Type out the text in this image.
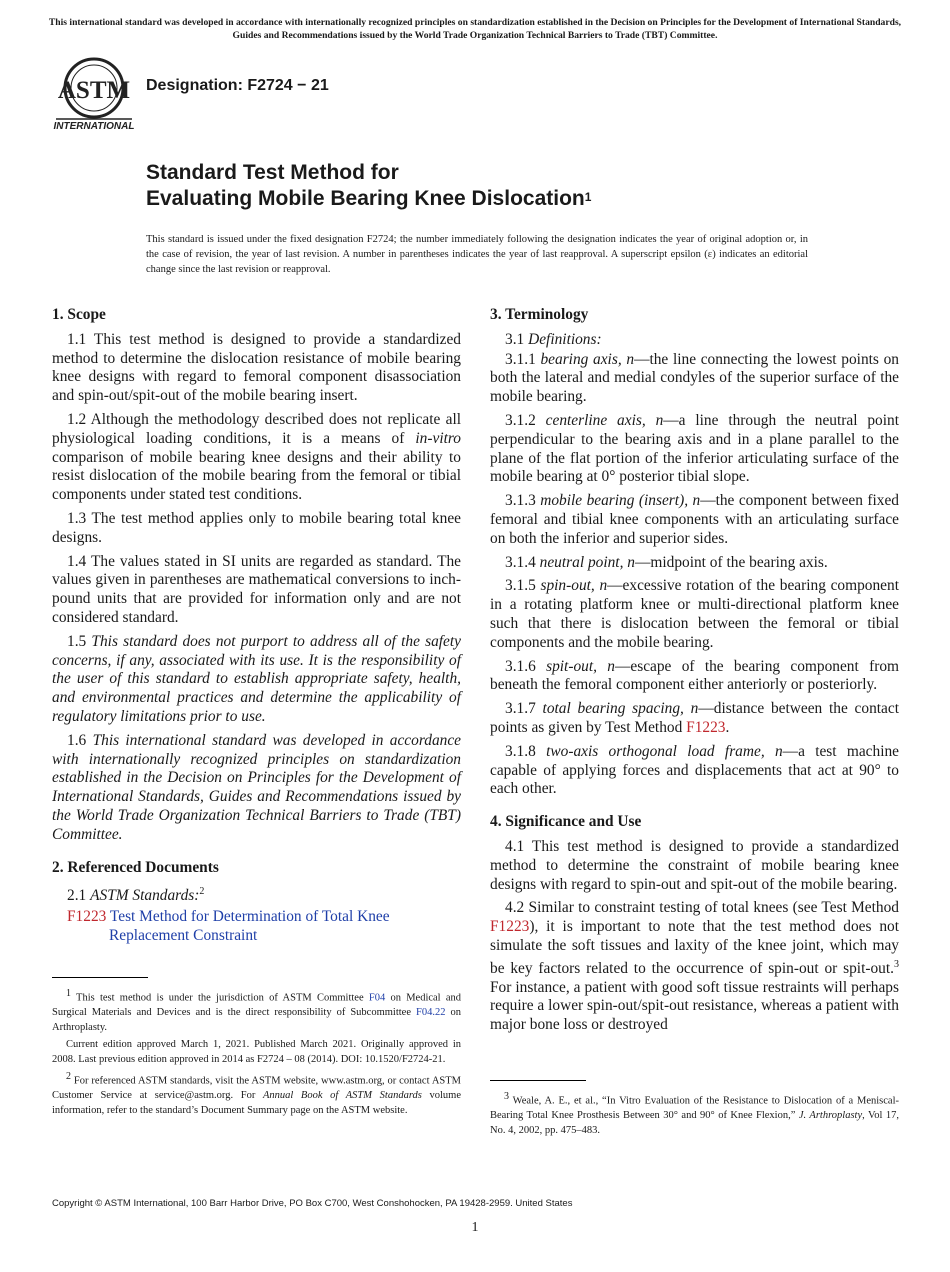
This international standard was developed in accordance with internationally recognized principles on standardization established in the Decision on Principles for the Development of International Standards, Guides and Recommendations issued by the World Trade Organization Technical Barriers to Trade (TBT) Committee.
ASTM
INTERNATIONAL
Designation: F2724 − 21
Standard Test Method for
Evaluating Mobile Bearing Knee Dislocation$^1$
This standard is issued under the fixed designation F2724; the number immediately following the designation indicates the year of original adoption or, in the case of revision, the year of last revision. A number in parentheses indicates the year of last reapproval. A superscript epsilon (ε) indicates an editorial change since the last revision or reapproval.
1. Scope

1.1 This test method is designed to provide a standardized method to determine the dislocation resistance of mobile bearing knee designs with regard to femoral component disassociation and spin-out/spit-out of the mobile bearing insert.

1.2 Although the methodology described does not replicate all physiological loading conditions, it is a means of in-vitro comparison of mobile bearing knee designs and their ability to resist dislocation of the mobile bearing from the femoral or tibial components under stated test conditions.

1.3 The test method applies only to mobile bearing total knee designs.

1.4 The values stated in SI units are regarded as standard. The values given in parentheses are mathematical conversions to inch-pound units that are provided for information only and are not considered standard.

1.5 This standard does not purport to address all of the safety concerns, if any, associated with its use. It is the responsibility of the user of this standard to establish appropriate safety, health, and environmental practices and determine the applicability of regulatory limitations prior to use.

1.6 This international standard was developed in accordance with internationally recognized principles on standardization established in the Decision on Principles for the Development of International Standards, Guides and Recommendations issued by the World Trade Organization Technical Barriers to Trade (TBT) Committee.

2. Referenced Documents

2.1 ASTM Standards:$^2$

F1223 Test Method for Determination of Total Knee Replacement Constraint

3. Terminology

3.1 Definitions:

3.1.1 bearing axis, n—the line connecting the lowest points on both the lateral and medial condyles of the superior surface of the mobile bearing.

3.1.2 centerline axis, n—a line through the neutral point perpendicular to the bearing axis and in a plane parallel to the plane of the flat portion of the inferior articulating surface of the mobile bearing at 0° posterior tibial slope.

3.1.3 mobile bearing (insert), n—the component between fixed femoral and tibial knee components with an articulating surface on both the inferior and superior sides.

3.1.4 neutral point, n—midpoint of the bearing axis.

3.1.5 spin-out, n—excessive rotation of the bearing component in a rotating platform knee or multi-directional platform knee such that there is dislocation between the femoral or tibial components and the mobile bearing.

3.1.6 spit-out, n—escape of the bearing component from beneath the femoral component either anteriorly or posteriorly.

3.1.7 total bearing spacing, n—distance between the contact points as given by Test Method F1223.

3.1.8 two-axis orthogonal load frame, n—a test machine capable of applying forces and displacements that act at 90° to each other.

4. Significance and Use

4.1 This test method is designed to provide a standardized method to determine the constraint of mobile bearing knee designs with regard to spin-out and spit-out of the mobile bearing.

4.2 Similar to constraint testing of total knees (see Test Method F1223), it is important to note that the test method does not simulate the soft tissues and laxity of the knee joint, which may be key factors related to the occurrence of spin-out or spit-out.$^3$ For instance, a patient with good soft tissue restraints will perhaps require a lower spin-out/spit-out resistance, whereas a patient with major bone loss or destroyed

$^1$ This test method is under the jurisdiction of ASTM Committee F04 on Medical and Surgical Materials and Devices and is the direct responsibility of Subcommittee F04.22 on Arthroplasty.

Current edition approved March 1, 2021. Published March 2021. Originally approved in 2008. Last previous edition approved in 2014 as F2724 – 08 (2014). DOI: 10.1520/F2724-21.

$^2$ For referenced ASTM standards, visit the ASTM website, www.astm.org, or contact ASTM Customer Service at service@astm.org. For Annual Book of ASTM Standards volume information, refer to the standard’s Document Summary page on the ASTM website.

$^3$ Weale, A. E., et al., “In Vitro Evaluation of the Resistance to Dislocation of a Meniscal-Bearing Total Knee Prosthesis Between 30° and 90° of Knee Flexion,” J. Arthroplasty, Vol 17, No. 4, 2002, pp. 475–483.

Copyright © ASTM International, 100 Barr Harbor Drive, PO Box C700, West Conshohocken, PA 19428-2959. United States
1
